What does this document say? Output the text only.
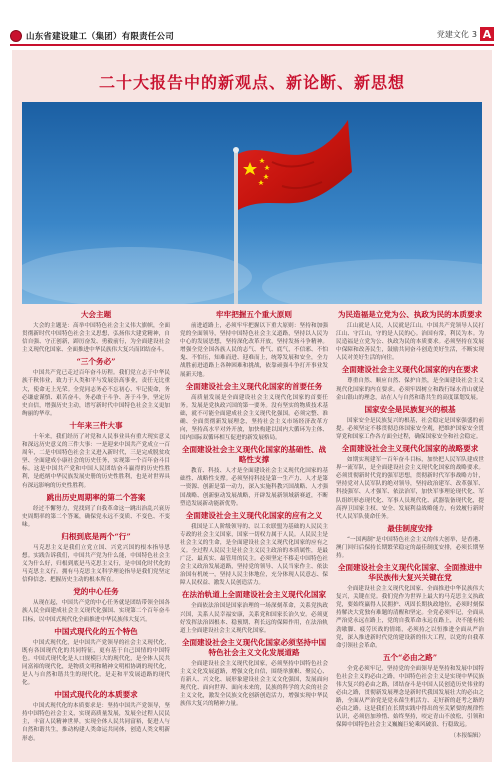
山东省建设建工（集团）有限责任公司	党建文化 3 A
二十大报告中的新观点、新论断、新思想
大会主题

大会的主题是：高举中国特色社会主义伟大旗帜，全面贯彻新时代中国特色社会主义思想，弘扬伟大建党精神，自信自强、守正创新，踔厉奋发、勇毅前行，为全面建设社会主义现代化国家、全面推进中华民族伟大复兴而团结奋斗。

“三个务必”

中国共产党已走过百年奋斗历程。我们党立志于中华民族千秋伟业，致力于人类和平与发展崇高事业，责任无比重大，使命无上光荣。全党同志务必不忘初心、牢记使命，务必谦虚谨慎、艰苦奋斗，务必敢于斗争、善于斗争，坚定历史自信，增强历史主动，谱写新时代中国特色社会主义更加绚丽的华章。

十年来三件大事

十年来，我们经历了对党和人民事业具有重大现实意义和深远历史意义的三件大事：一是迎来中国共产党成立一百周年，二是中国特色社会主义进入新时代，三是完成脱贫攻坚、全面建成小康社会的历史任务，实现第一个百年奋斗目标。这是中国共产党和中国人民团结奋斗赢得的历史性胜利，是彪炳中华民族发展史册的历史性胜利，也是对世界具有深远影响的历史性胜利。

跳出历史周期率的第二个答案

经过不懈努力，党找到了自我革命这一跳出治乱兴衰历史周期率的第二个答案，确保党永远不变质、不变色、不变味。

归根到底是两个“行”

马克思主义是我们立党立国、兴党兴国的根本指导思想。实践告诉我们，中国共产党为什么能，中国特色社会主义为什么好，归根到底是马克思主义行，是中国化时代化的马克思主义行。拥有马克思主义科学理论指导是我们党坚定信仰信念、把握历史主动的根本所在。

党的中心任务

从现在起，中国共产党的中心任务就是团结带领全国各族人民全面建成社会主义现代化强国、实现第二个百年奋斗目标，以中国式现代化全面推进中华民族伟大复兴。

中国式现代化的五个特色

中国式现代化，是中国共产党领导的社会主义现代化，既有各国现代化的共同特征，更有基于自己国情的中国特色。中国式现代化是人口规模巨大的现代化，是全体人民共同富裕的现代化，是物质文明和精神文明相协调的现代化，是人与自然和谐共生的现代化，是走和平发展道路的现代化。

中国式现代化的本质要求

中国式现代化的本质要求是：坚持中国共产党领导，坚持中国特色社会主义，实现高质量发展，发展全过程人民民主，丰富人民精神世界，实现全体人民共同富裕，促进人与自然和谐共生，推动构建人类命运共同体，创造人类文明新形态。

牢牢把握五个重大原则

前进道路上，必须牢牢把握以下重大原则：坚持和加强党的全面领导，坚持中国特色社会主义道路，坚持以人民为中心的发展思想，坚持深化改革开放，坚持发扬斗争精神。增强全党全国各族人民的志气、骨气、底气，不信邪、不怕鬼、不怕压，知难而进、迎难而上，统筹发展和安全，全力战胜前进道路上各种困难和挑战，依靠顽强斗争打开事业发展新天地。

全面建设社会主义现代化国家的首要任务

高质量发展是全面建设社会主义现代化国家的首要任务。发展是党执政兴国的第一要务。没有坚实的物质技术基础，就不可能全面建成社会主义现代化强国。必须完整、准确、全面贯彻新发展理念，坚持社会主义市场经济改革方向，坚持高水平对外开放，加快构建以国内大循环为主体、国内国际双循环相互促进的新发展格局。

全面建设社会主义现代化国家的基础性、战略性支撑

教育、科技、人才是全面建设社会主义现代化国家的基础性、战略性支撑。必须坚持科技是第一生产力、人才是第一资源、创新是第一动力，深入实施科教兴国战略、人才强国战略、创新驱动发展战略，开辟发展新领域新赛道，不断塑造发展新动能新优势。

全面建设社会主义现代化国家的应有之义

我国是工人阶级领导的、以工农联盟为基础的人民民主专政的社会主义国家，国家一切权力属于人民。人民民主是社会主义的生命，是全面建设社会主义现代化国家的应有之义。全过程人民民主是社会主义民主政治的本质属性，是最广泛、最真实、最管用的民主。必须坚定不移走中国特色社会主义政治发展道路，坚持党的领导、人民当家作主、依法治国有机统一，坚持人民主体地位，充分体现人民意志、保障人民权益、激发人民创造活力。

在法治轨道上全面建设社会主义现代化国家

全面依法治国是国家治理的一场深刻革命，关系党执政兴国，关系人民幸福安康，关系党和国家长治久安。必须更好发挥法治固根本、稳预期、利长远的保障作用，在法治轨道上全面建设社会主义现代化国家。

全面建设社会主义现代化国家必须坚持中国特色社会主义文化发展道路

全面建设社会主义现代化国家，必须坚持中国特色社会主义文化发展道路，增强文化自信，围绕举旗帜、聚民心、育新人、兴文化、展形象建设社会主义文化强国，发展面向现代化、面向世界、面向未来的，民族的科学的大众的社会主义文化，激发全民族文化创新创造活力，增强实现中华民族伟大复兴的精神力量。

为民造福是立党为公、执政为民的本质要求

江山就是人民，人民就是江山。中国共产党领导人民打江山、守江山，守的是人民的心。治国有常，利民为本。为民造福是立党为公、执政为民的本质要求。必须坚持在发展中保障和改善民生，鼓励共同奋斗创造美好生活，不断实现人民对美好生活的向往。

全面建设社会主义现代化国家的内在要求

尊重自然、顺应自然、保护自然，是全面建设社会主义现代化国家的内在要求。必须牢固树立和践行绿水青山就是金山银山的理念，站在人与自然和谐共生的高度谋划发展。

国家安全是民族复兴的根基

国家安全是民族复兴的根基，社会稳定是国家强盛的前提。必须坚定不移贯彻总体国家安全观，把维护国家安全贯穿党和国家工作各方面全过程，确保国家安全和社会稳定。

全面建设社会主义现代化国家的战略要求

如期实现建军一百年奋斗目标，加快把人民军队建成世界一流军队，是全面建设社会主义现代化国家的战略要求。必须贯彻新时代党的强军思想，贯彻新时代军事战略方针，坚持党对人民军队的绝对领导，坚持政治建军、改革强军、科技强军、人才强军、依法治军，加快军事理论现代化、军队组织形态现代化、军事人员现代化、武器装备现代化，提高捍卫国家主权、安全、发展利益战略能力，有效履行新时代人民军队使命任务。

最佳制度安排

“一国两制”是中国特色社会主义的伟大创举，是香港、澳门回归后保持长期繁荣稳定的最佳制度安排，必须长期坚持。

全面建设社会主义现代化国家、全面推进中华民族伟大复兴关键在党

全面建设社会主义现代化国家、全面推进中华民族伟大复兴，关键在党。我们党作为世界上最大的马克思主义执政党，要始终赢得人民拥护、巩固长期执政地位，必须时刻保持解决大党独有难题的清醒和坚定。全党必须牢记，全面从严治党永远在路上，党的自我革命永远在路上，决不能有松劲歇脚、疲劳厌战的情绪，必须持之以恒推进全面从严治党，深入推进新时代党的建设新的伟大工程，以党的自我革命引领社会革命。

五个“必由之路”

全党必须牢记，坚持党的全面领导是坚持和发展中国特色社会主义的必由之路，中国特色社会主义是实现中华民族伟大复兴的必由之路，团结奋斗是中国人民创造历史伟业的必由之路，贯彻新发展理念是新时代我国发展壮大的必由之路，全面从严治党是党永葆生机活力、走好新的赶考之路的必由之路。这是我们在长期实践中得出的至关紧要的规律性认识，必须倍加珍惜、始终坚持，咬定青山不放松，引领和保障中国特色社会主义巍巍巨轮乘风破浪、行稳致远。

（本报编辑）
